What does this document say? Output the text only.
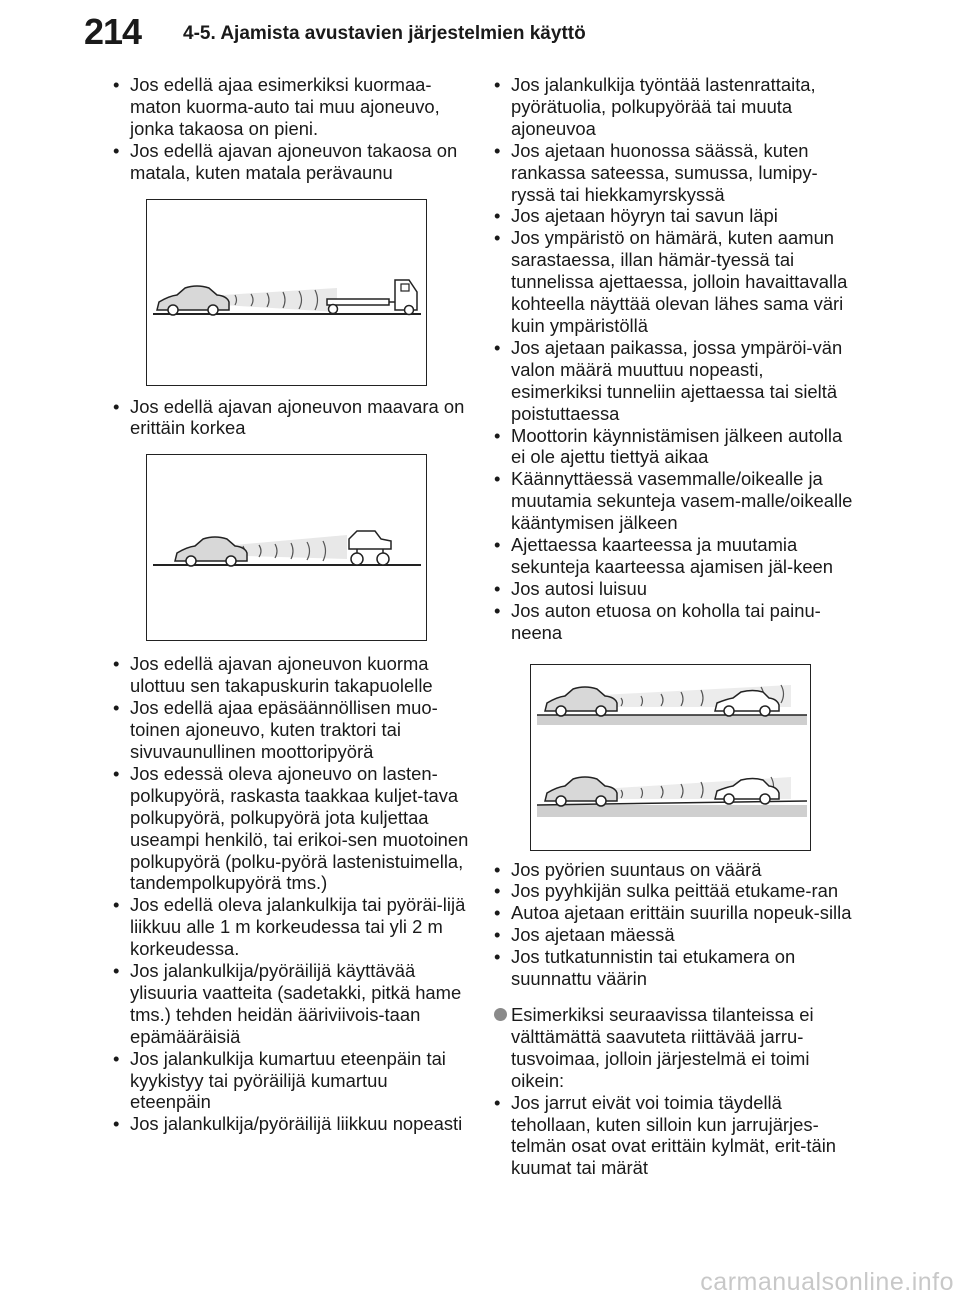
214 4-5. Ajamista avustavien järjestelmien käyttö
• Jos edellä ajaa esimerkiksi kuormaa-maton kuorma-auto tai muu ajoneuvo, jonka takaosa on pieni.
• Jos edellä ajavan ajoneuvon takaosa on matala, kuten matala perävaunu
• Jos edellä ajavan ajoneuvon maavara on erittäin korkea
• Jos edellä ajavan ajoneuvon kuorma ulottuu sen takapuskurin takapuolelle
• Jos edellä ajaa epäsäännöllisen muo-toinen ajoneuvo, kuten traktori tai sivuvaunullinen moottoripyörä
• Jos edessä oleva ajoneuvo on lasten-polkupyörä, raskasta taakkaa kuljet-tava polkupyörä, polkupyörä jota kuljettaa useampi henkilö, tai erikoi-sen muotoinen polkupyörä (polku-pyörä lastenistuimella, tandempolkupyörä tms.)
• Jos edellä oleva jalankulkija tai pyöräi-lijä liikkuu alle 1 m korkeudessa tai yli 2 m korkeudessa.
• Jos jalankulkija/pyöräilijä käyttävää ylisuuria vaatteita (sadetakki, pitkä hame tms.) tehden heidän ääriviivois-taan epämääräisiä
• Jos jalankulkija kumartuu eteenpäin tai kyykistyy tai pyöräilijä kumartuu eteenpäin
• Jos jalankulkija/pyöräilijä liikkuu nopeasti
• Jos jalankulkija työntää lastenrattaita, pyörätuolia, polkupyörää tai muuta ajoneuvoa
• Jos ajetaan huonossa säässä, kuten rankassa sateessa, sumussa, lumipy-ryssä tai hiekkamyrskyssä
• Jos ajetaan höyryn tai savun läpi
• Jos ympäristö on hämärä, kuten aamun sarastaessa, illan hämär-tyessä tai tunnelissa ajettaessa, jolloin havaittavalla kohteella näyttää olevan lähes sama väri kuin ympäristöllä
• Jos ajetaan paikassa, jossa ympäröi-vän valon määrä muuttuu nopeasti, esimerkiksi tunneliin ajettaessa tai sieltä poistuttaessa
• Moottorin käynnistämisen jälkeen autolla ei ole ajettu tiettyä aikaa
• Käännyttäessä vasemmalle/oikealle ja muutamia sekunteja vasem-malle/oikealle kääntymisen jälkeen
• Ajettaessa kaarteessa ja muutamia sekunteja kaarteessa ajamisen jäl-keen
• Jos autosi luisuu
• Jos auton etuosa on koholla tai painu-neena
• Jos pyörien suuntaus on väärä
• Jos pyyhkijän sulka peittää etukame-ran
• Autoa ajetaan erittäin suurilla nopeuk-silla
• Jos ajetaan mäessä
• Jos tutkatunnistin tai etukamera on suunnattu väärin
Esimerkiksi seuraavissa tilanteissa ei välttämättä saavuteta riittävää jarru-tusvoimaa, jolloin järjestelmä ei toimi oikein:
• Jos jarrut eivät voi toimia täydellä tehollaan, kuten silloin kun jarrujärjes-telmän osat ovat erittäin kylmät, erit-täin kuumat tai märät
carmanualsonline.info
